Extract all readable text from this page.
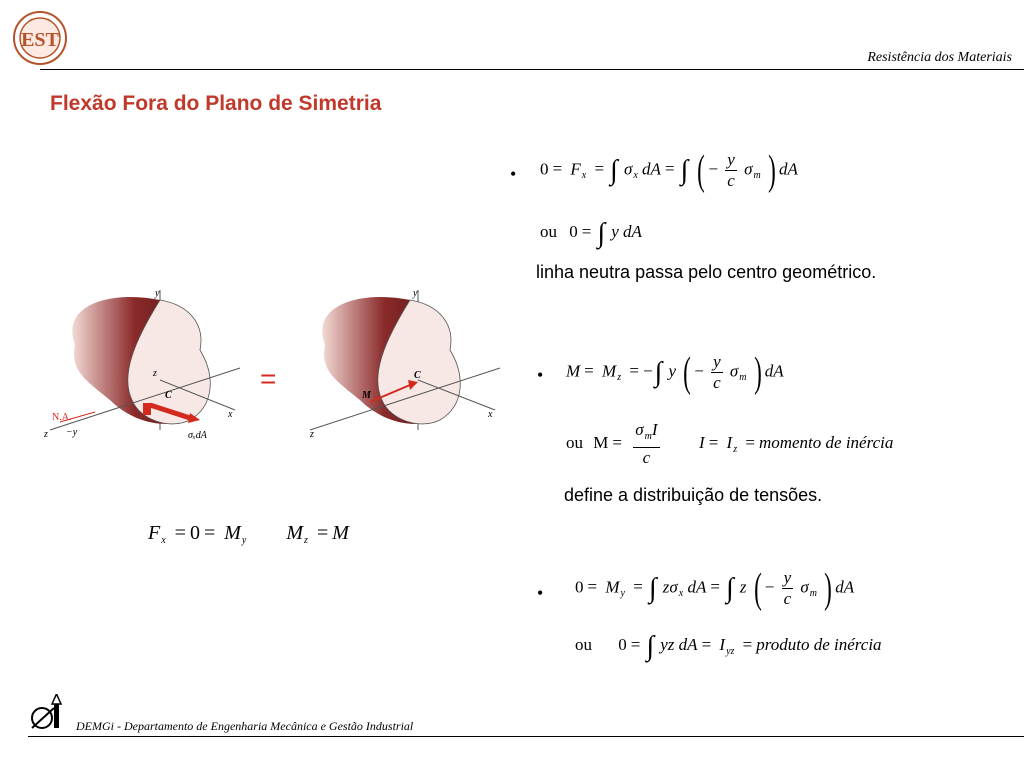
EST
Resistência dos Materiais
Flexão Fora do Plano de Simetria
y
z
x
z
N.A.
−y
C
σₓdA
y
x
z
C
M
=
$F_x = 0 = M_y$ $M_z = M$
• $0 = F_x$ = ∫ $\sigma_x$ dA = ∫ ( − $\frac{y}{c} \sigma_m$ ) dA
ou 0 = ∫ y dA
linha neutra passa pelo centro geométrico.
• $M = M_z$ = −∫ y ( − $\frac{y}{c} \sigma_m$ ) dA
ou $M = \frac{\sigma_mI}{c}$ $I = I_z$ = momento de inércia
define a distribuição de tensões.
• $0 = M_y$ = ∫ $z\sigma_x$ dA = ∫ z ( − $\frac{y}{c} \sigma_m$ ) dA
ou 0 = ∫ yz dA = $I_{yz}$ = produto de inércia
DEMGi - Departamento de Engenharia Mecânica e Gestão Industrial
